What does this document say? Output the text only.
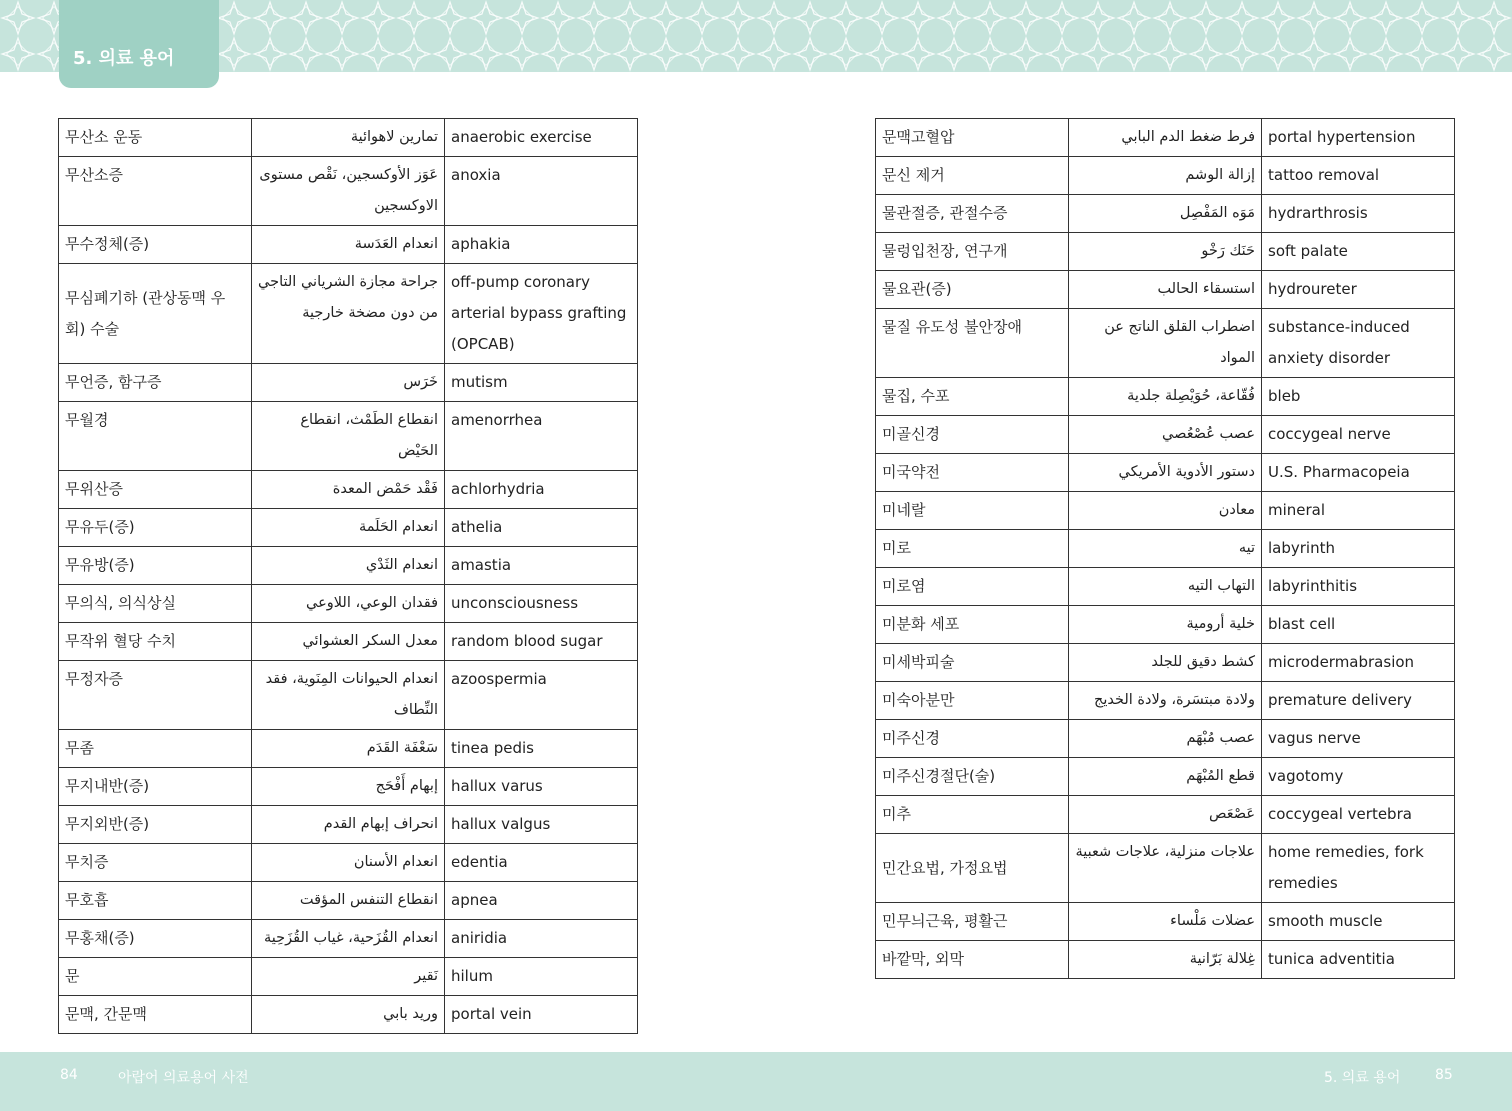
5. 의료 용어
무산소 운동	تمارين لاهوائية	anaerobic exercise
무산소증	عَوَز الأوكسجين، نَقْص مستوى الاوكسجين	anoxia
무수정체(증)	انعدام العَدَسة	aphakia
무심폐기하 (관상동맥 우회) 수술	جراحة مجازة الشرياني التاجي من دون مضخة خارجية	off-pump coronary arterial bypass grafting (OPCAB)
무언증, 함구증	خَرَس	mutism
무월경	انقطاع الطَمْث، انقطاع الحَيْض	amenorrhea
무위산증	فَقْد حَمْض المعدة	achlorhydria
무유두(증)	انعدام الحَلَمة	athelia
무유방(증)	انعدام الثَدْي	amastia
무의식, 의식상실	فقدان الوعي، اللاوعي	unconsciousness
무작위 혈당 수치	معدل السكر العشوائي	random blood sugar
무정자증	انعدام الحيوانات المِنَوية، فقد النِّطاف	azoospermia
무좀	سَعْفَة القَدَم	tinea pedis
무지내반(증)	إبهام أَفْحَج	hallux varus
무지외반(증)	انحراف إبهام القدم	hallux valgus
무치증	انعدام الأسنان	edentia
무호흡	انقطاع التنفس المؤقت	apnea
무홍채(증)	انعدام القُزَحية، غياب القُزَحِية	aniridia
문	نَقير	hilum
문맥, 간문맥	وريد بابي	portal vein
문맥고혈압	فرط ضغط الدم البابي	portal hypertension
문신 제거	إزالة الوشم	tattoo removal
물관절증, 관절수증	مَوَه المَفْصِل	hydrarthrosis
물렁입천장, 연구개	حَنَك رَخْو	soft palate
물요관(증)	استسقاء الحالب	hydroureter
물질 유도성 불안장애	اضطراب القلق الناتج عن المواد	substance-induced anxiety disorder
물집, 수포	فُقّاعة، حُوَيْصِلة جلدية	bleb
미골신경	عصب عُصْعُصي	coccygeal nerve
미국약전	دستور الأدوية الأمريكي	U.S. Pharmacopeia
미네랄	معادن	mineral
미로	تيه	labyrinth
미로염	التهاب التيه	labyrinthitis
미분화 세포	خلية أرومية	blast cell
미세박피술	كشط دقيق للجلد	microdermabrasion
미숙아분만	ولادة مبتسَرة، ولادة الخديج	premature delivery
미주신경	عصب مُبْهَم	vagus nerve
미주신경절단(술)	قطع المُبْهَم	vagotomy
미추	عَصْعَص	coccygeal vertebra
민간요법, 가정요법	علاجات منزلية، علاجات شعبية	home remedies, fork remedies
민무늬근육, 평활근	عضلات مَلْساء	smooth muscle
바깥막, 외막	غِلالة بَرّانية	tunica adventitia
84	아랍어 의료용어 사전	5. 의료 용어 85
